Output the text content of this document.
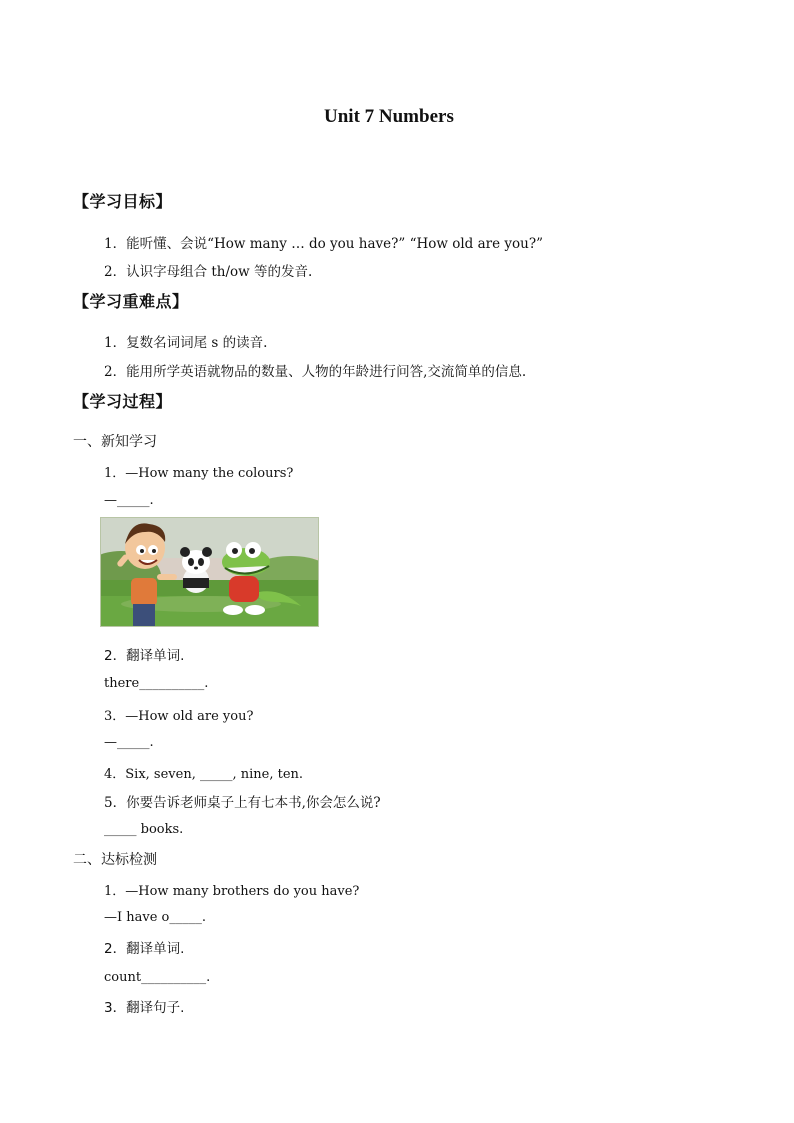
Unit 7 Numbers
【学习目标】
1．能听懂、会说“How many … do you have?” “How old are you?”
2．认识字母组合 th/ow 等的发音.
【学习重难点】
1．复数名词词尾 s 的读音.
2．能用所学英语就物品的数量、人物的年龄进行问答,交流简单的信息.
【学习过程】
一、新知学习
1．—How many the colours?
—_____.
2．翻译单词.
there__________.
3．—How old are you?
—_____.
4．Six, seven, _____, nine, ten.
5．你要告诉老师桌子上有七本书,你会怎么说?
_____ books.
二、达标检测
1．—How many brothers do you have?
—I have o_____.
2．翻译单词.
count__________.
3．翻译句子.
